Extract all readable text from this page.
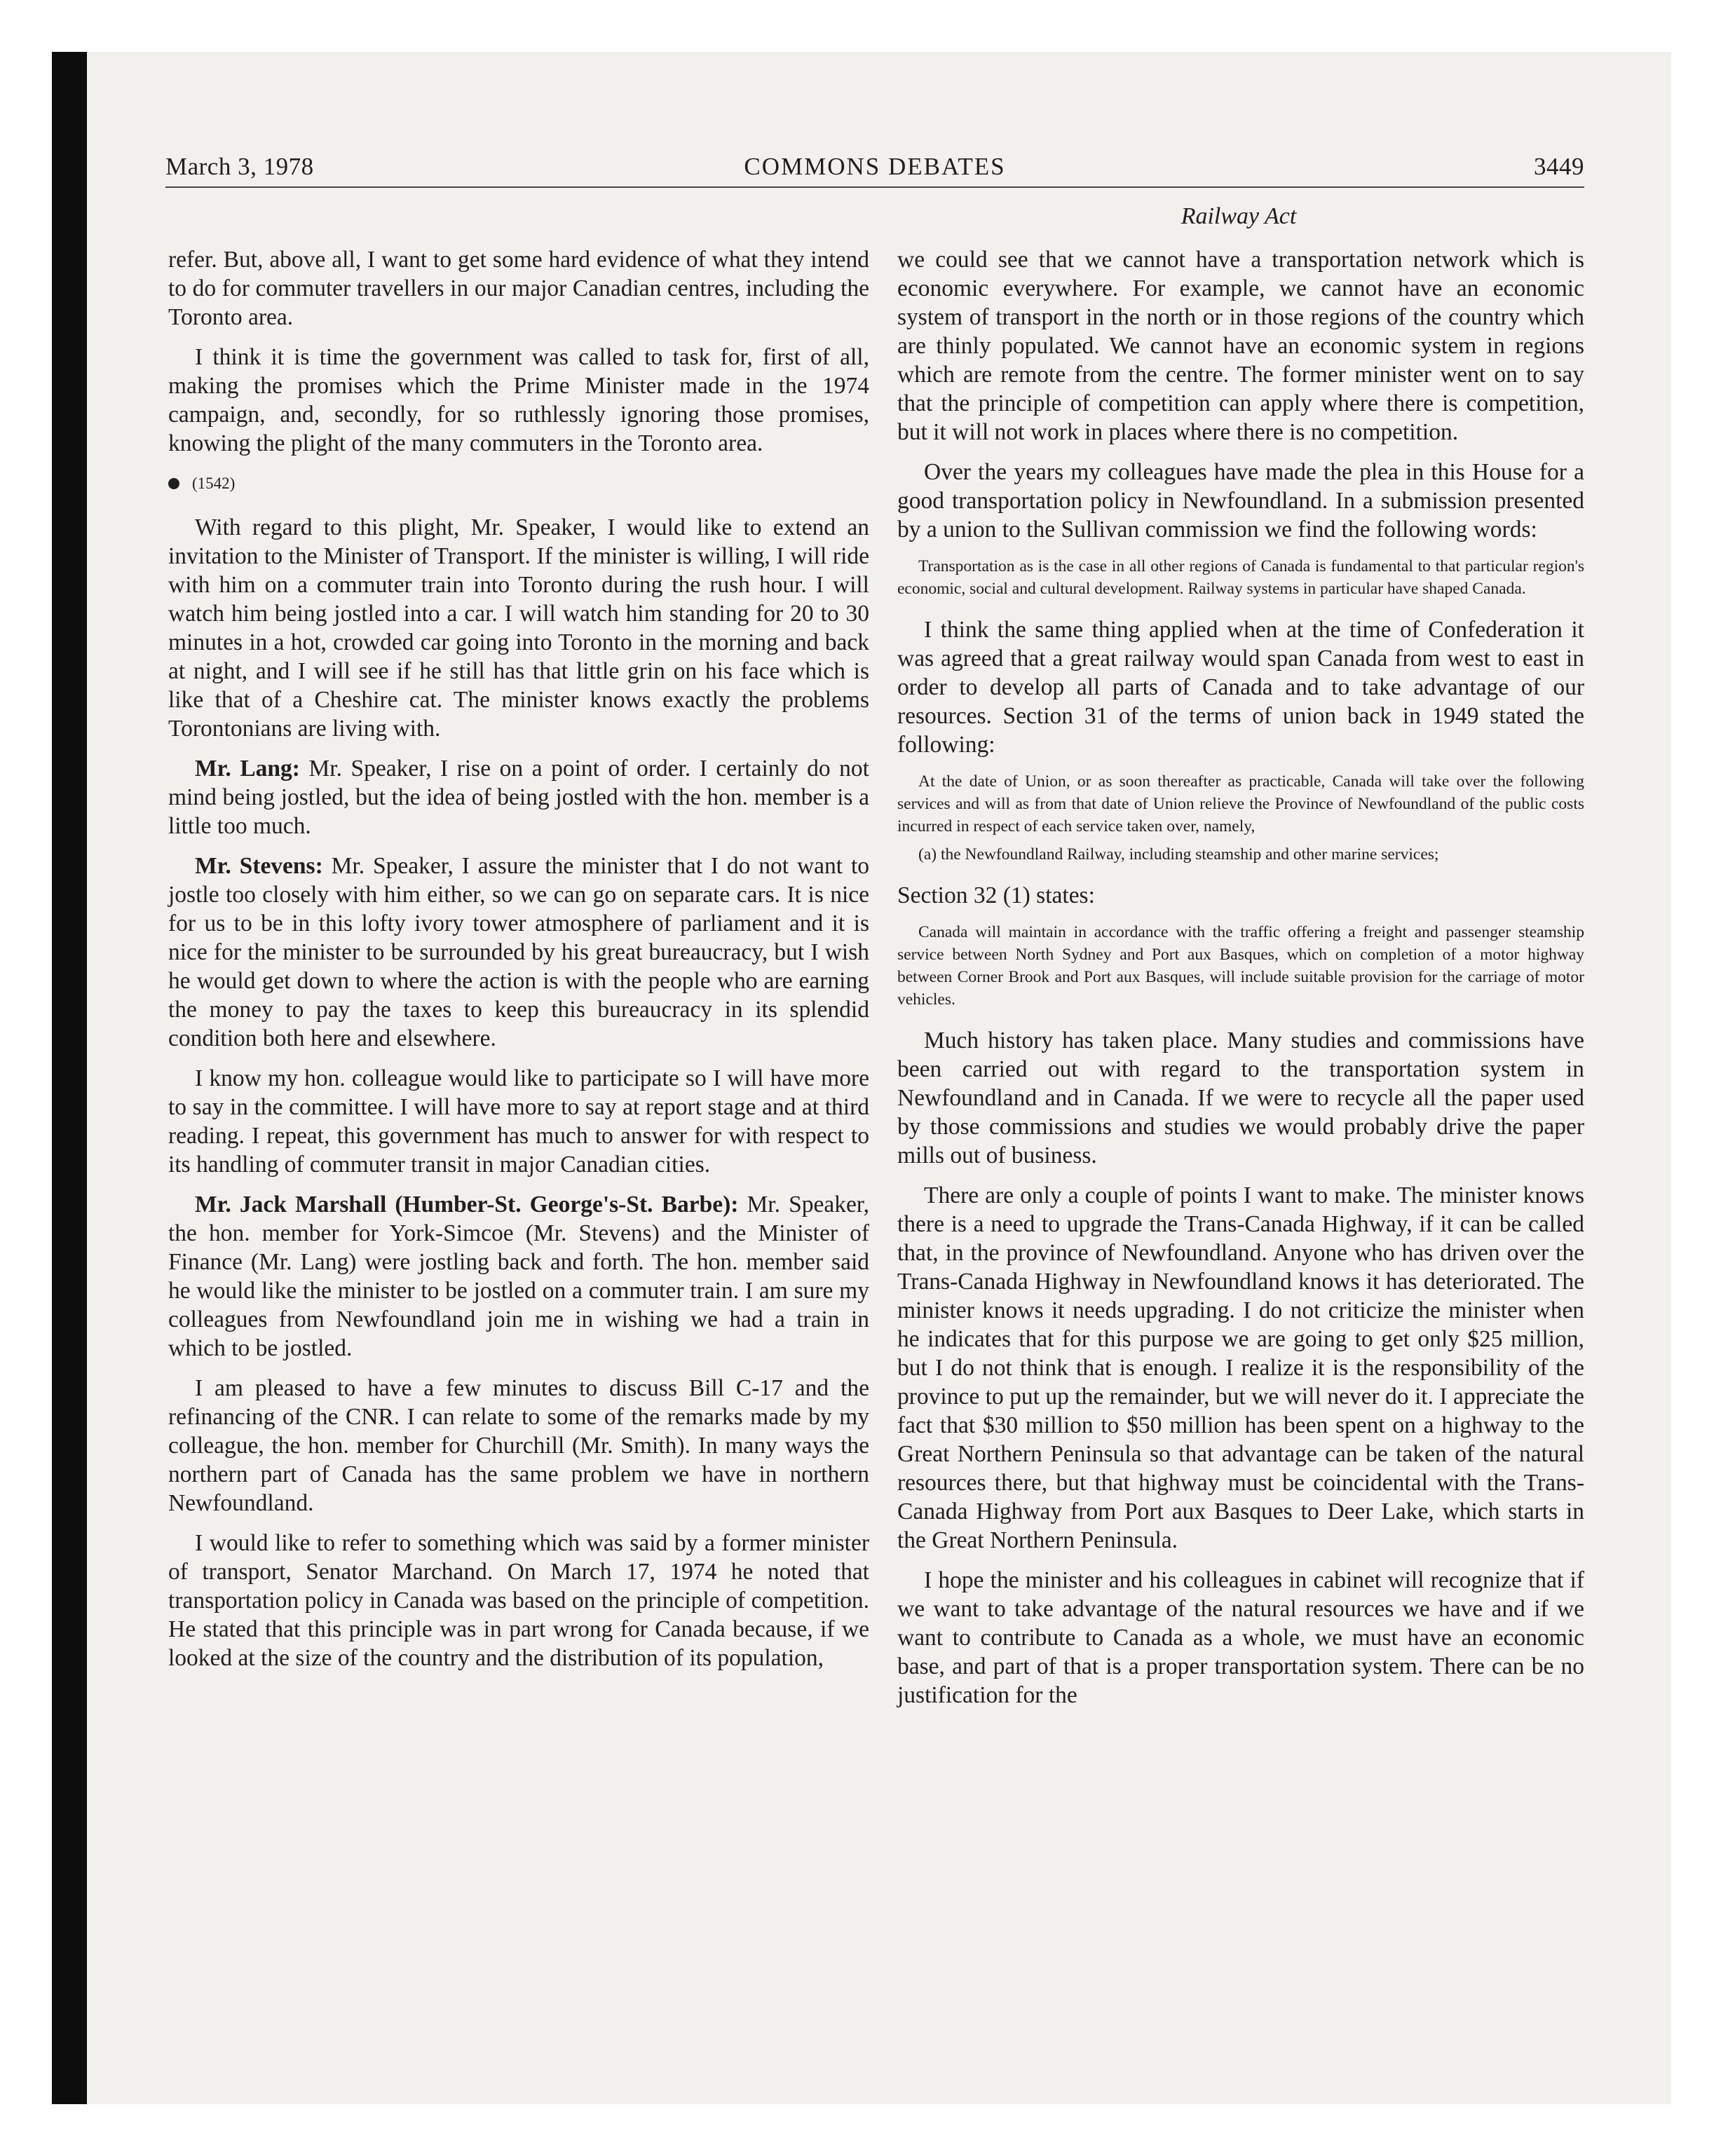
March 3, 1978	COMMONS DEBATES	3449
Railway Act

refer. But, above all, I want to get some hard evidence of what they intend to do for commuter travellers in our major Canadian centres, including the Toronto area.

I think it is time the government was called to task for, first of all, making the promises which the Prime Minister made in the 1974 campaign, and, secondly, for so ruthlessly ignoring those promises, knowing the plight of the many commuters in the Toronto area.

(1542)

With regard to this plight, Mr. Speaker, I would like to extend an invitation to the Minister of Transport. If the minister is willing, I will ride with him on a commuter train into Toronto during the rush hour. I will watch him being jostled into a car. I will watch him standing for 20 to 30 minutes in a hot, crowded car going into Toronto in the morning and back at night, and I will see if he still has that little grin on his face which is like that of a Cheshire cat. The minister knows exactly the problems Torontonians are living with.

Mr. Lang: Mr. Speaker, I rise on a point of order. I certainly do not mind being jostled, but the idea of being jostled with the hon. member is a little too much.

Mr. Stevens: Mr. Speaker, I assure the minister that I do not want to jostle too closely with him either, so we can go on separate cars. It is nice for us to be in this lofty ivory tower atmosphere of parliament and it is nice for the minister to be surrounded by his great bureaucracy, but I wish he would get down to where the action is with the people who are earning the money to pay the taxes to keep this bureaucracy in its splendid condition both here and elsewhere.

I know my hon. colleague would like to participate so I will have more to say in the committee. I will have more to say at report stage and at third reading. I repeat, this government has much to answer for with respect to its handling of commuter transit in major Canadian cities.

Mr. Jack Marshall (Humber-St. George's-St. Barbe): Mr. Speaker, the hon. member for York-Simcoe (Mr. Stevens) and the Minister of Finance (Mr. Lang) were jostling back and forth. The hon. member said he would like the minister to be jostled on a commuter train. I am sure my colleagues from Newfoundland join me in wishing we had a train in which to be jostled.

I am pleased to have a few minutes to discuss Bill C-17 and the refinancing of the CNR. I can relate to some of the remarks made by my colleague, the hon. member for Churchill (Mr. Smith). In many ways the northern part of Canada has the same problem we have in northern Newfoundland.

I would like to refer to something which was said by a former minister of transport, Senator Marchand. On March 17, 1974 he noted that transportation policy in Canada was based on the principle of competition. He stated that this principle was in part wrong for Canada because, if we looked at the size of the country and the distribution of its population,

we could see that we cannot have a transportation network which is economic everywhere. For example, we cannot have an economic system of transport in the north or in those regions of the country which are thinly populated. We cannot have an economic system in regions which are remote from the centre. The former minister went on to say that the principle of competition can apply where there is competition, but it will not work in places where there is no competition.

Over the years my colleagues have made the plea in this House for a good transportation policy in Newfoundland. In a submission presented by a union to the Sullivan commission we find the following words:

Transportation as is the case in all other regions of Canada is fundamental to that particular region's economic, social and cultural development. Railway systems in particular have shaped Canada.

I think the same thing applied when at the time of Confederation it was agreed that a great railway would span Canada from west to east in order to develop all parts of Canada and to take advantage of our resources. Section 31 of the terms of union back in 1949 stated the following:

At the date of Union, or as soon thereafter as practicable, Canada will take over the following services and will as from that date of Union relieve the Province of Newfoundland of the public costs incurred in respect of each service taken over, namely,

(a) the Newfoundland Railway, including steamship and other marine services;

Section 32 (1) states:

Canada will maintain in accordance with the traffic offering a freight and passenger steamship service between North Sydney and Port aux Basques, which on completion of a motor highway between Corner Brook and Port aux Basques, will include suitable provision for the carriage of motor vehicles.

Much history has taken place. Many studies and commissions have been carried out with regard to the transportation system in Newfoundland and in Canada. If we were to recycle all the paper used by those commissions and studies we would probably drive the paper mills out of business.

There are only a couple of points I want to make. The minister knows there is a need to upgrade the Trans-Canada Highway, if it can be called that, in the province of Newfoundland. Anyone who has driven over the Trans-Canada Highway in Newfoundland knows it has deteriorated. The minister knows it needs upgrading. I do not criticize the minister when he indicates that for this purpose we are going to get only $25 million, but I do not think that is enough. I realize it is the responsibility of the province to put up the remainder, but we will never do it. I appreciate the fact that $30 million to $50 million has been spent on a highway to the Great Northern Peninsula so that advantage can be taken of the natural resources there, but that highway must be coincidental with the Trans-Canada Highway from Port aux Basques to Deer Lake, which starts in the Great Northern Peninsula.

I hope the minister and his colleagues in cabinet will recognize that if we want to take advantage of the natural resources we have and if we want to contribute to Canada as a whole, we must have an economic base, and part of that is a proper transportation system. There can be no justification for the
